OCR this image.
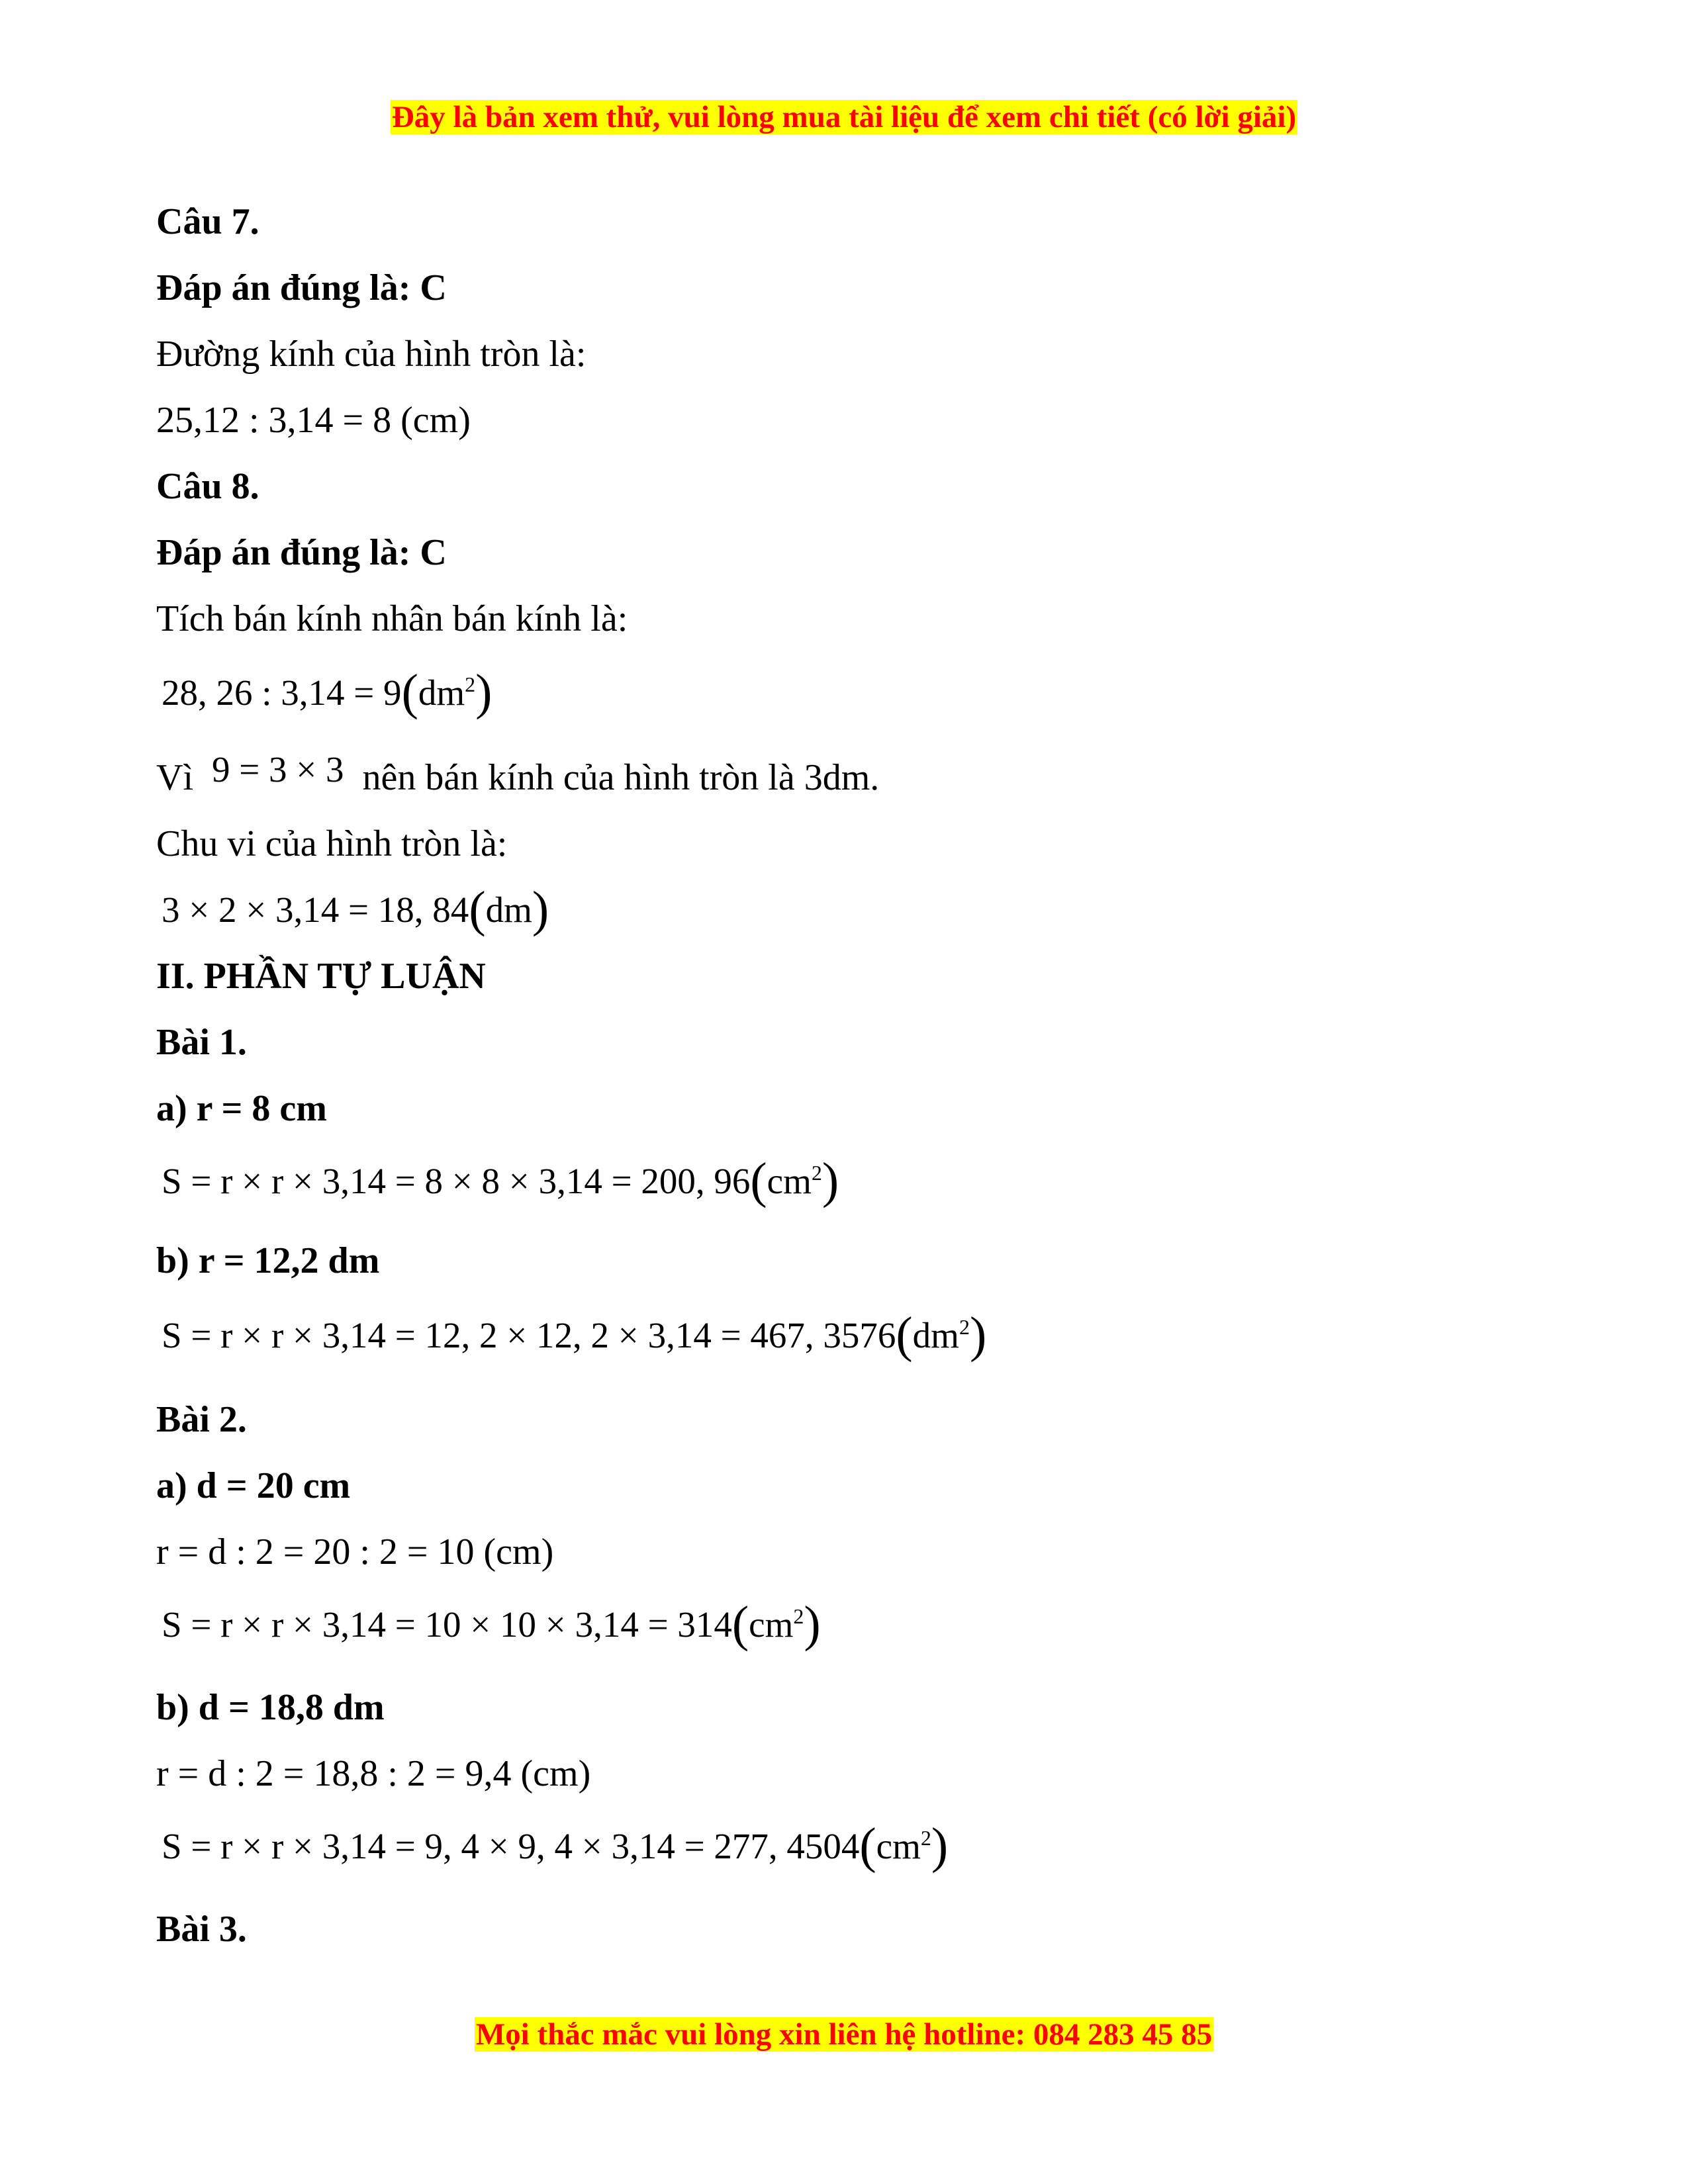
Đây là bản xem thử, vui lòng mua tài liệu để xem chi tiết (có lời giải)
Câu 7.
Đáp án đúng là: C
Đường kính của hình tròn là:
25,12 : 3,14 = 8 (cm)
Câu 8.
Đáp án đúng là: C
Tích bán kính nhân bán kính là:
28, 26 : $3,14 = 9(dm^2)$
Vì 9 = 3 × 3 nên bán kính của hình tròn là 3dm.
Chu vi của hình tròn là:
3 × 2 × 3,14 = 18, 84(dm)
II. PHẦN TỰ LUẬN
Bài 1.
a) r = 8 cm
S = r × r × 3,14 = 8 × 8 × 3,14 = 200, $96(cm^2)$
b) r = 12,2 dm
S = r × r × 3,14 = 12, 2 × 12, 2 × 3,14 = 467, $3576(dm^2)$
Bài 2.
a) d = 20 cm
r = d : 2 = 20 : 2 = 10 (cm)
$S = r \times r \times 3,14 = 10 \times 10 \times 3,14 = 314(cm^2)$
b) d = 18,8 dm
r = d : 2 = 18,8 : 2 = 9,4 (cm)
S = r × r × 3,14 = 9, 4 × 9, 4 × 3,14 = 277, $4504(cm^2)$
Bài 3.
Mọi thắc mắc vui lòng xin liên hệ hotline: 084 283 45 85
